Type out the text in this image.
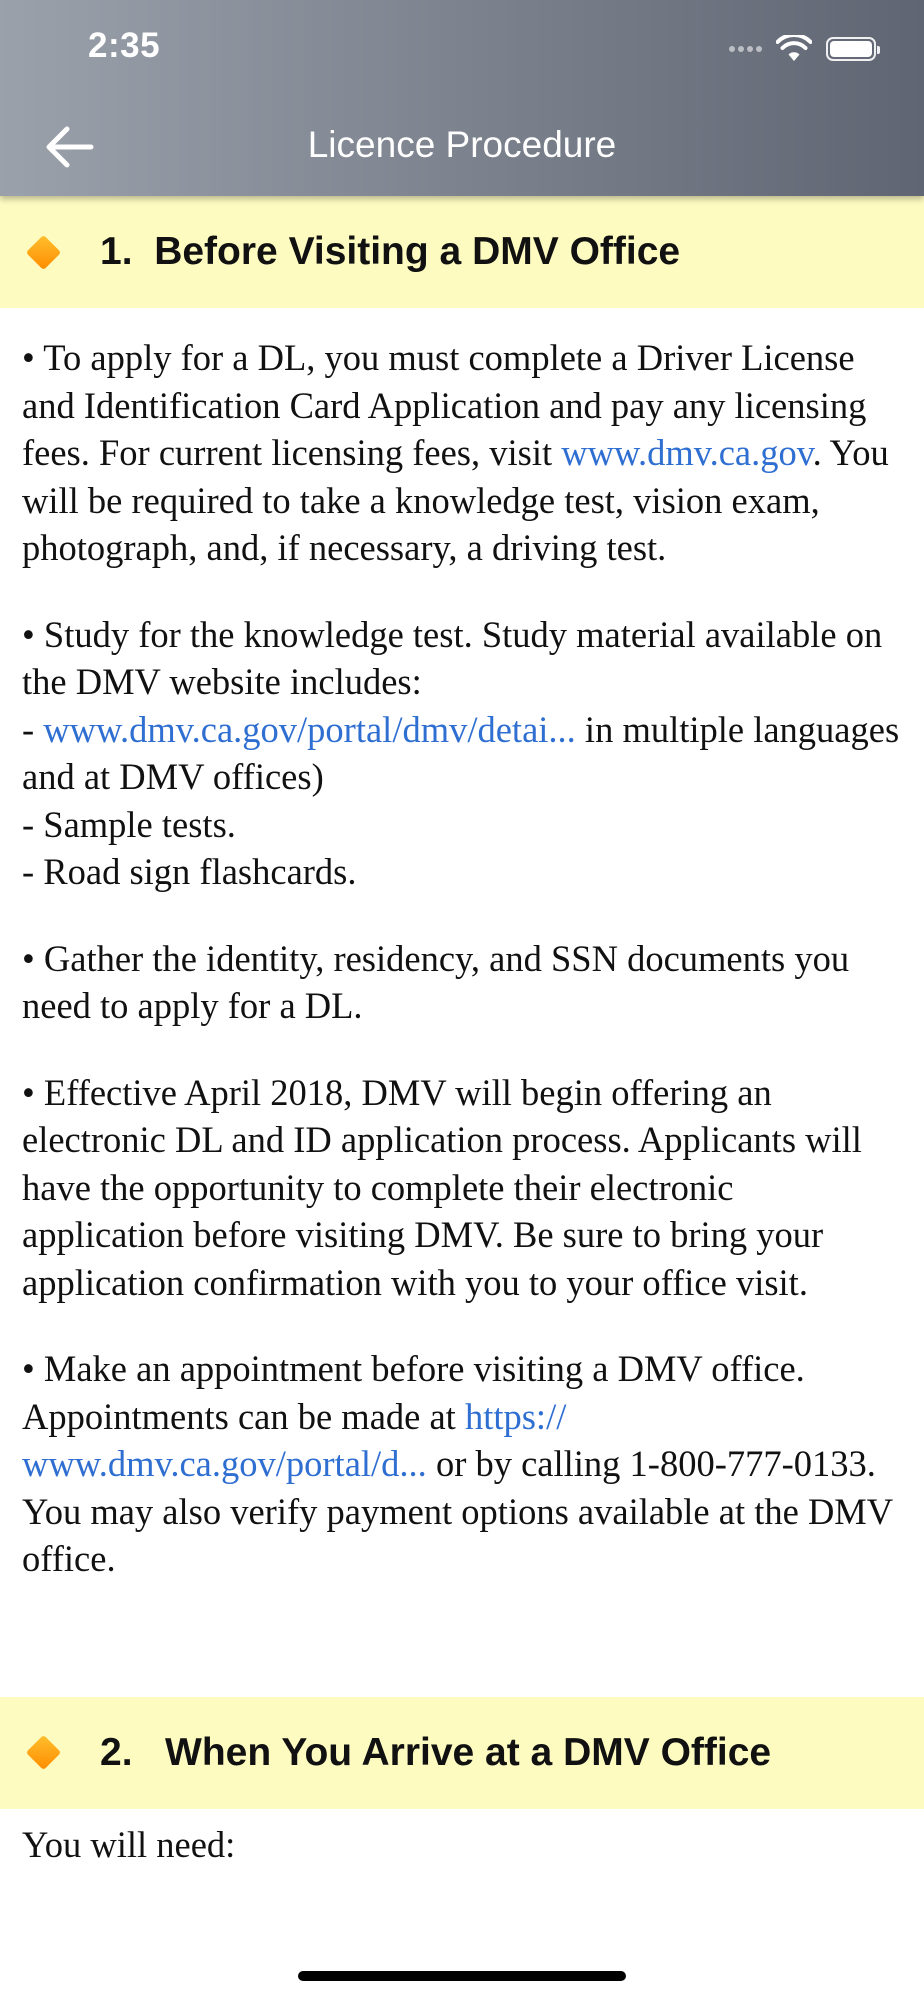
2:35
Licence Procedure
1. Before Visiting a DMV Office

• To apply for a DL, you must complete a Driver License and Identification Card Application and pay any licensing fees. For current licensing fees, visit www.dmv.ca.gov. You will be required to take a knowledge test, vision exam, photograph, and, if necessary, a driving test.

• Study for the knowledge test. Study material available on the DMV website includes:
- www.dmv.ca.gov/portal/dmv/detai... in multiple languages and at DMV offices)
- Sample tests.
- Road sign flashcards.

• Gather the identity, residency, and SSN documents you need to apply for a DL.

• Effective April 2018, DMV will begin offering an electronic DL and ID application process. Applicants will have the opportunity to complete their electronic application before visiting DMV. Be sure to bring your application confirmation with you to your office visit.

• Make an appointment before visiting a DMV office. Appointments can be made at https://
www.dmv.ca.gov/portal/d... or by calling 1-800-777-0133. You may also verify payment options available at the DMV office.

2. When You Arrive at a DMV Office

You will need:
